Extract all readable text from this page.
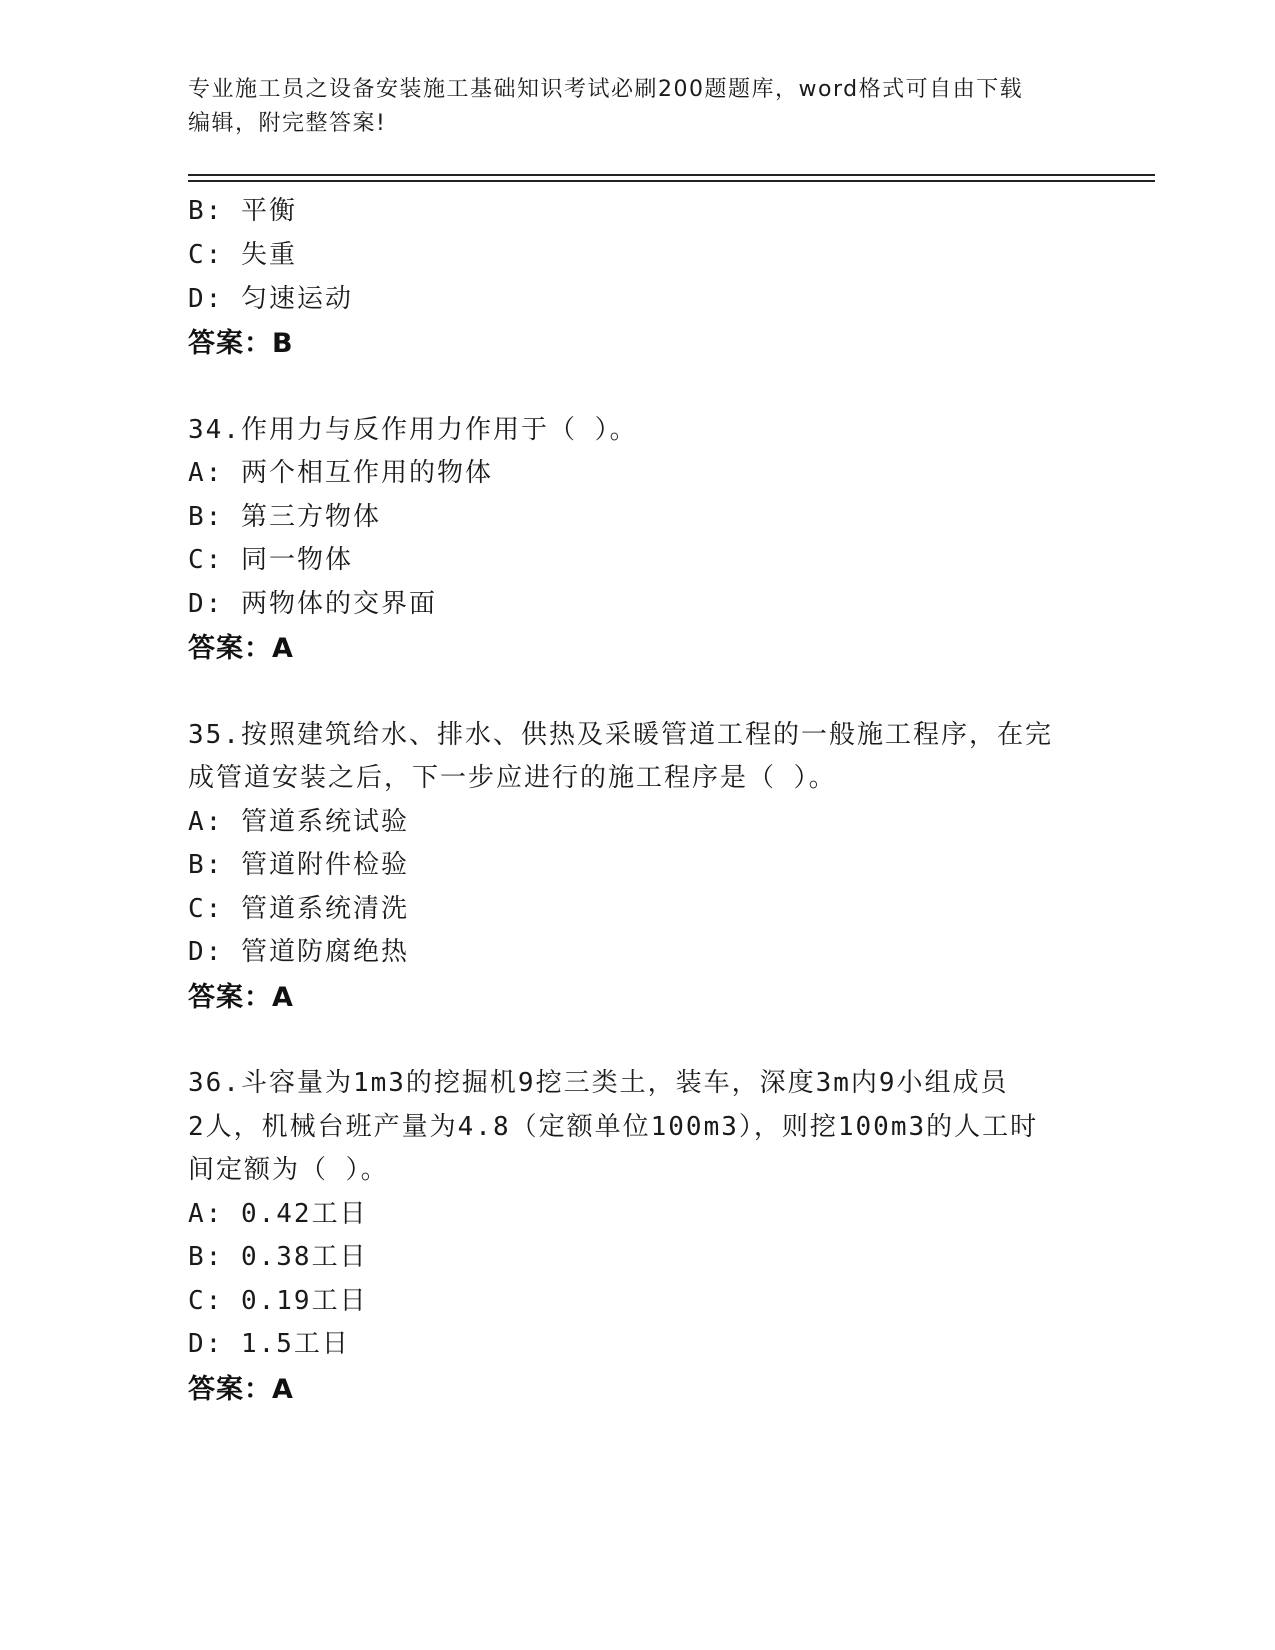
专业施工员之设备安装施工基础知识考试必刷200题题库，word格式可自由下载
编辑，附完整答案!
B: 平衡
C: 失重
D: 匀速运动
答案：B
34.作用力与反作用力作用于（ ）。
A: 两个相互作用的物体
B: 第三方物体
C: 同一物体
D: 两物体的交界面
答案：A
35.按照建筑给水、排水、供热及采暖管道工程的一般施工程序，在完
成管道安装之后，下一步应进行的施工程序是（ ）。
A: 管道系统试验
B: 管道附件检验
C: 管道系统清洗
D: 管道防腐绝热
答案：A
36.斗容量为1m3的挖掘机9挖三类土，装车，深度3m内9小组成员
2人，机械台班产量为4.8（定额单位100m3），则挖100m3的人工时
间定额为（ ）。
A: 0.42工日
B: 0.38工日
C: 0.19工日
D: 1.5工日
答案：A
